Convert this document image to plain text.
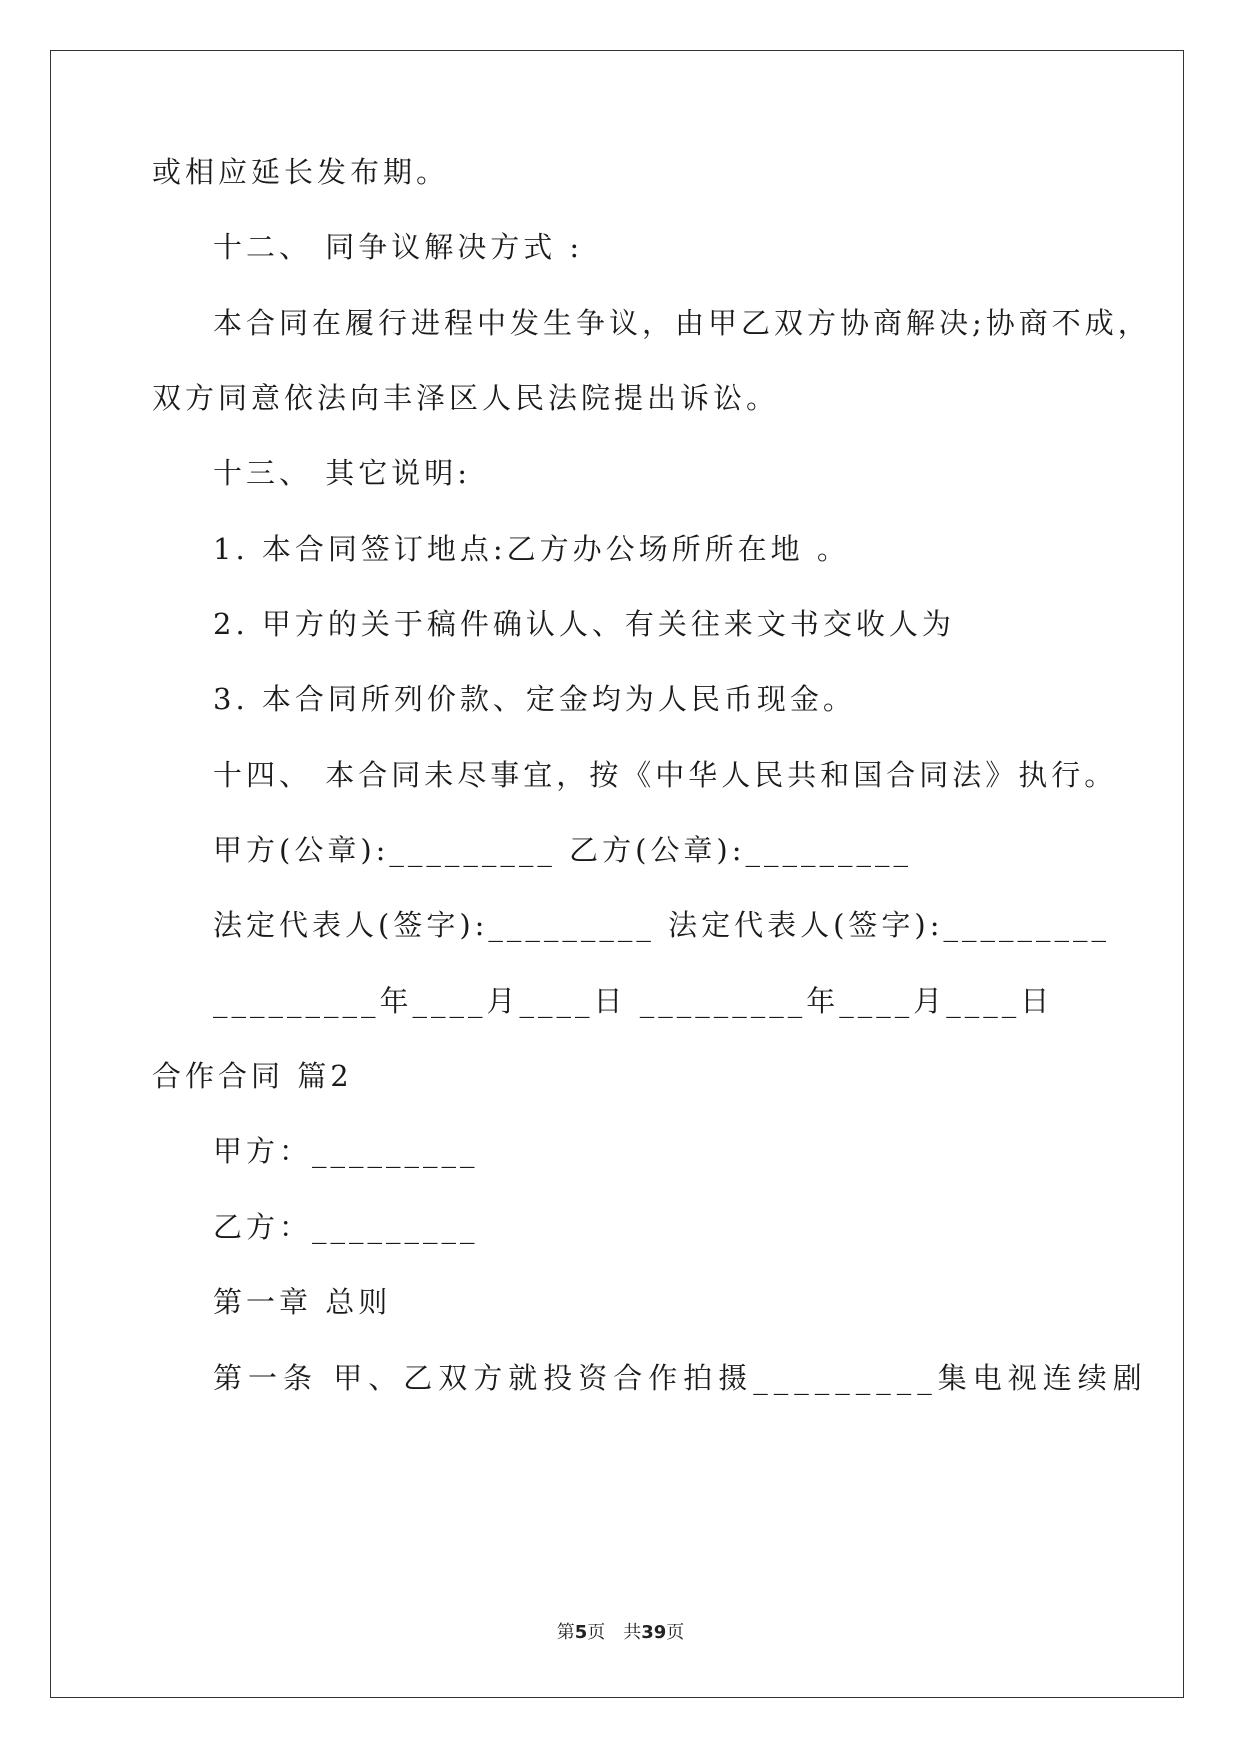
或相应延长发布期。

十二、 同争议解决方式 :

本合同在履行进程中发生争议，由甲乙双方协商解决;协商不成，

双方同意依法向丰泽区人民法院提出诉讼。

十三、 其它说明:

1. 本合同签订地点:乙方办公场所所在地 。

2. 甲方的关于稿件确认人、有关往来文书交收人为

3. 本合同所列价款、定金均为人民币现金。

十四、 本合同未尽事宜，按《中华人民共和国合同法》执行。

甲方(公章):_________ 乙方(公章):_________

法定代表人(签字):_________ 法定代表人(签字):_________

_________年____月____日 _________年____月____日

合作合同 篇2

甲方：_________

乙方：_________

第一章 总则

第一条 甲、乙双方就投资合作拍摄_________集电视连续剧

第5页　共39页
